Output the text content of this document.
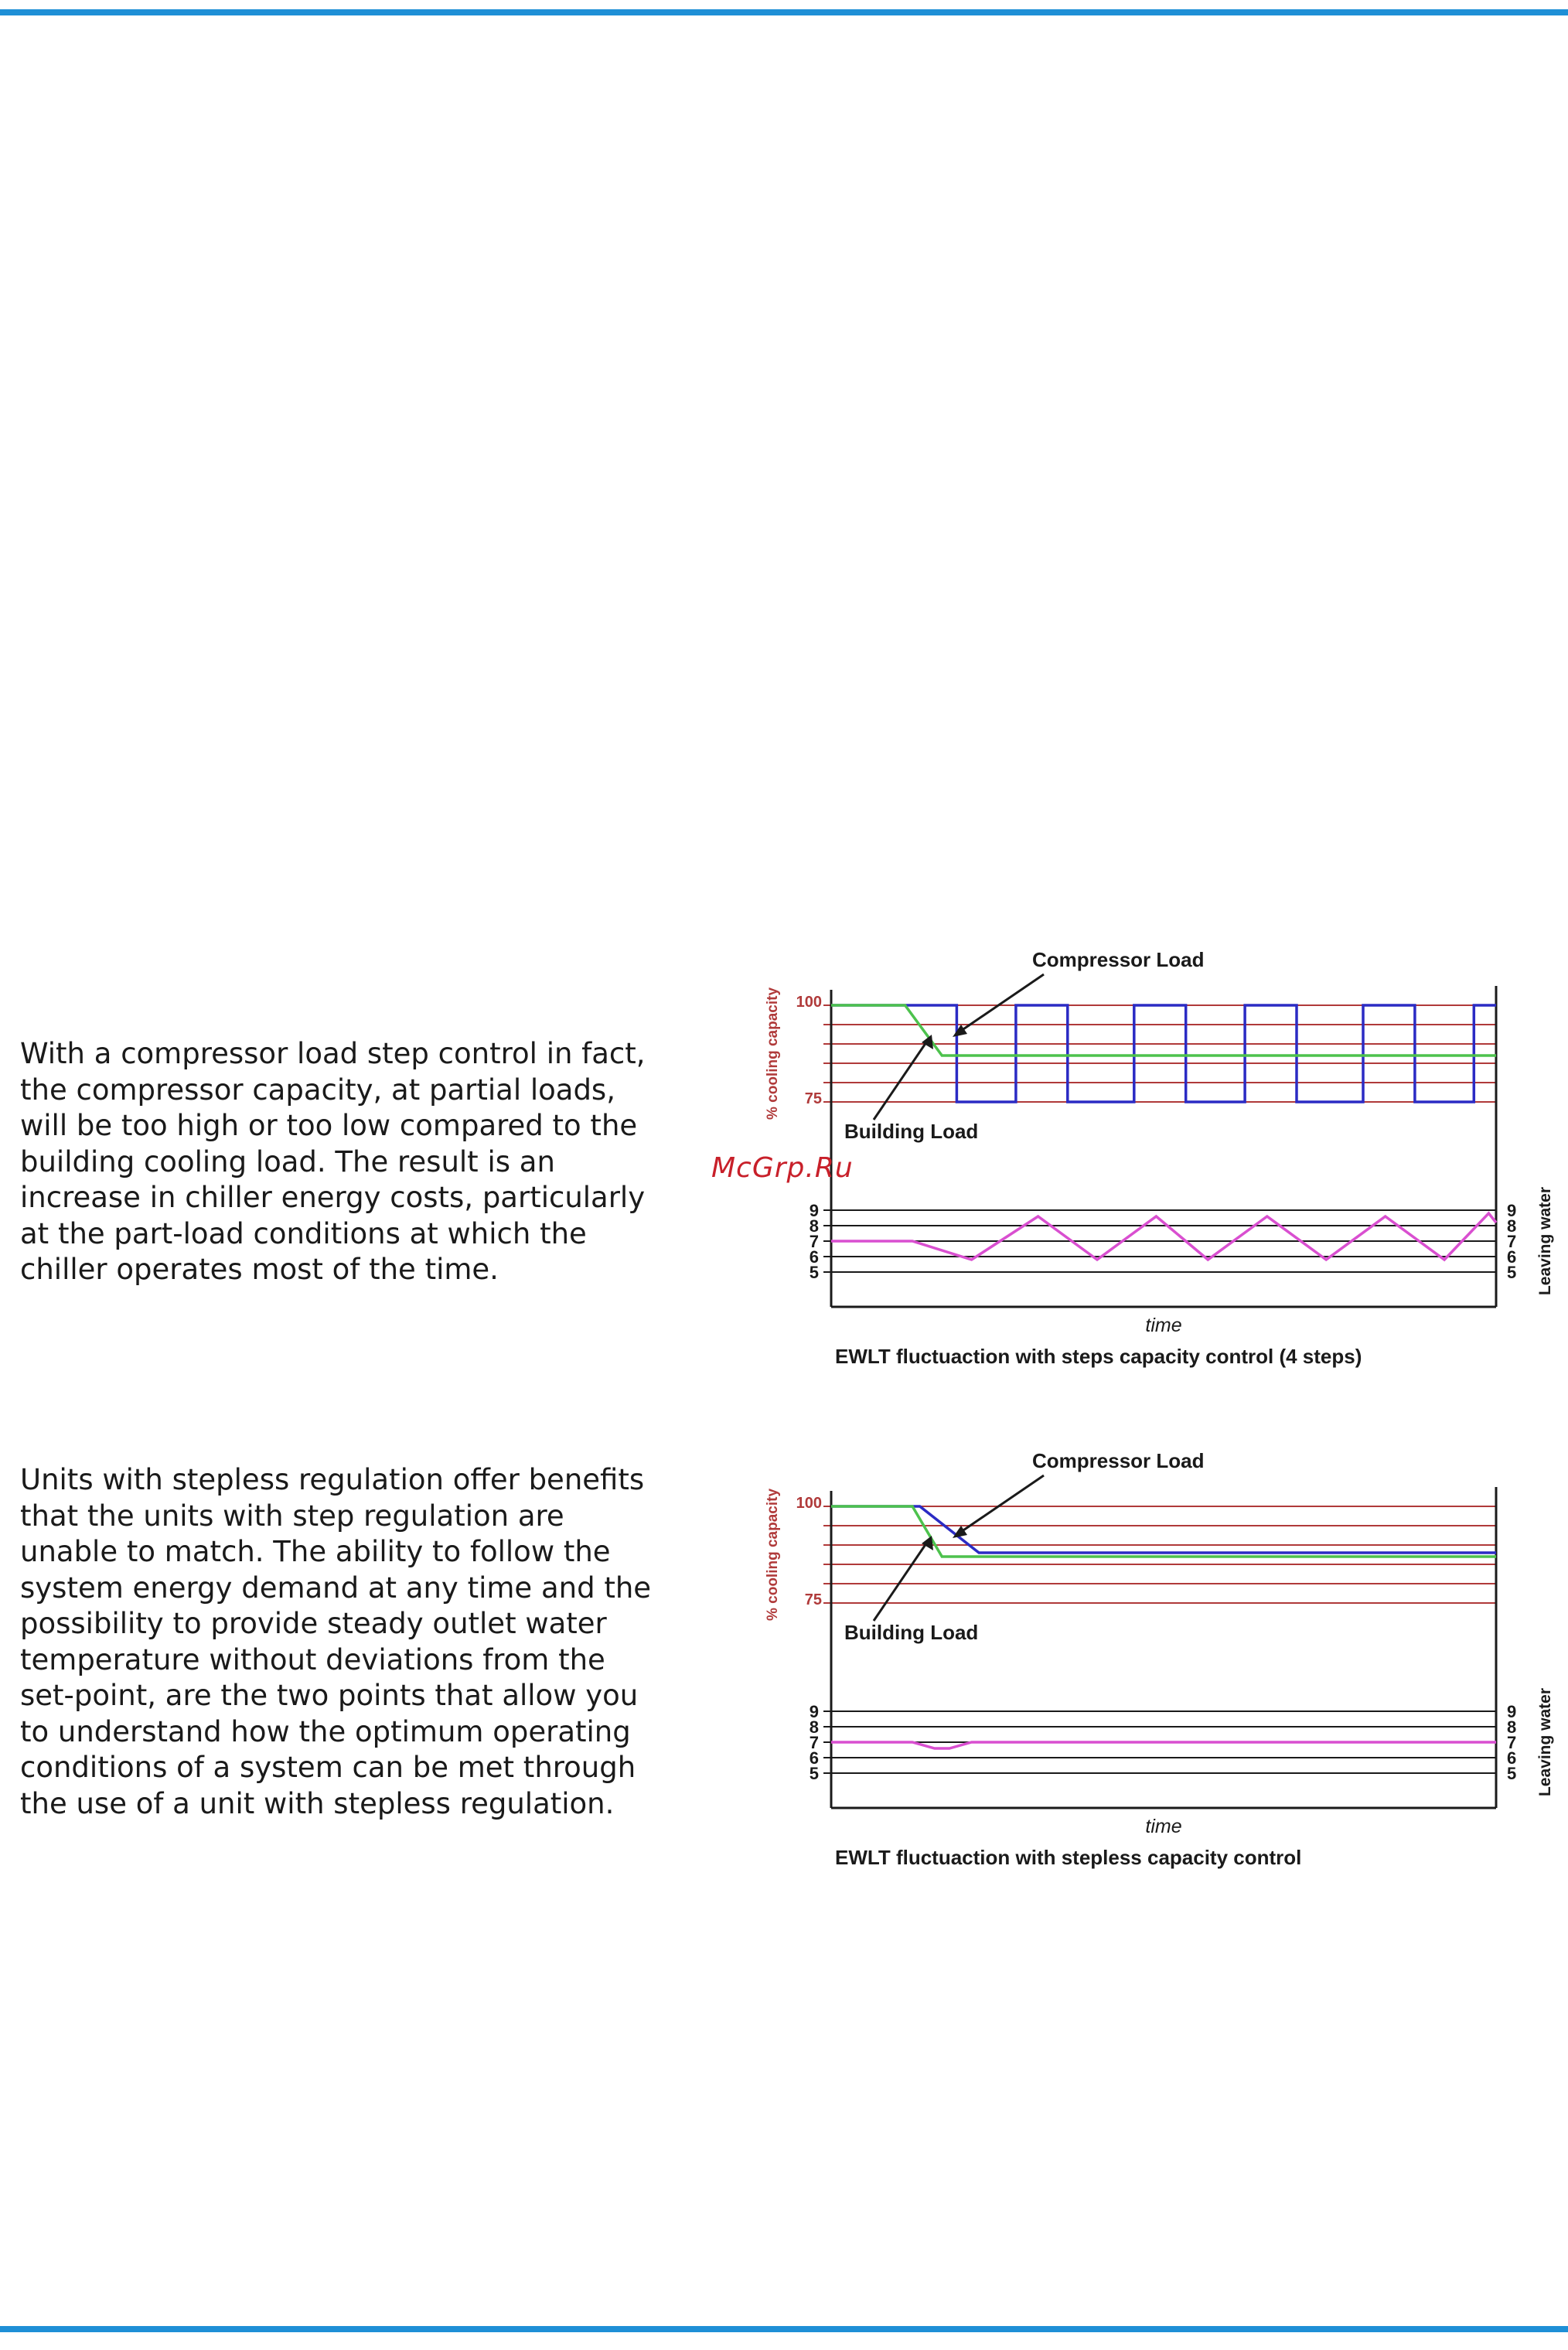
With a compressor load step control in fact,
the compressor capacity, at partial loads,
will be too high or too low compared to the
building cooling load. The result is an
increase in chiller energy costs, particularly
at the part-load conditions at which the
chiller operates most of the time.
Units with stepless regulation offer benefits
that the units with step regulation are
unable to match. The ability to follow the
system energy demand at any time and the
possibility to provide steady outlet water
temperature without deviations from the
set-point, are the two points that allow you
to understand how the optimum operating
conditions of a system can be met through
the use of a unit with stepless regulation.
100
75
9	9
8	8
7	7
6	6
5	5
% cooling capacity
Leaving water
Compressor Load
Building Load
time
EWLT fluctuaction with steps capacity control (4 steps)
100
75
9	9
8	8
7	7
6	6
5	5
% cooling capacity
Leaving water
Compressor Load
Building Load
time
EWLT fluctuaction with stepless capacity control
McGrp.Ru
